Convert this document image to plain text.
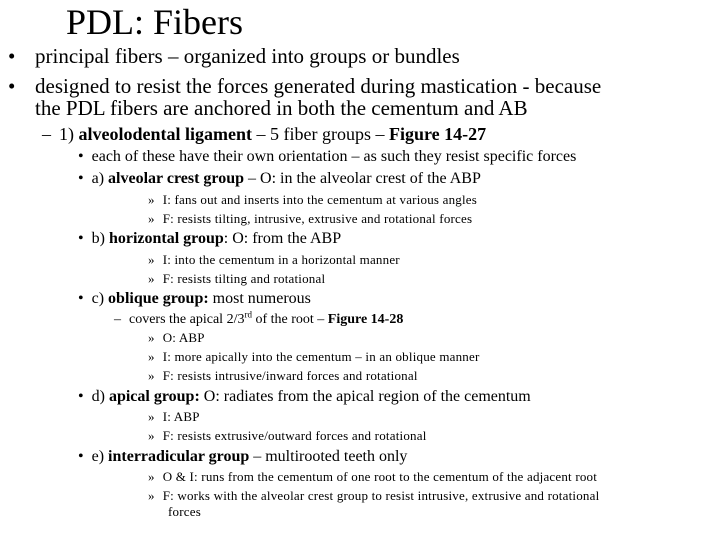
PDL: Fibers
• principal fibers – organized into groups or bundles
• designed to resist the forces generated during mastication - because
the PDL fibers are anchored in both the cementum and AB
– 1) alveolodental ligament – 5 fiber groups – Figure 14-27
• each of these have their own orientation – as such they resist specific forces
• a) alveolar crest group – O: in the alveolar crest of the ABP
» I: fans out and inserts into the cementum at various angles
» F: resists tilting, intrusive, extrusive and rotational forces
• b) horizontal group: O: from the ABP
» I: into the cementum in a horizontal manner
» F: resists tilting and rotational
• c) oblique group: most numerous
– covers the apical 2/3rd of the root – Figure 14-28
» O: ABP
» I: more apically into the cementum – in an oblique manner
» F: resists intrusive/inward forces and rotational
• d) apical group: O: radiates from the apical region of the cementum
» I: ABP
» F: resists extrusive/outward forces and rotational
• e) interradicular group – multirooted teeth only
» O & I: runs from the cementum of one root to the cementum of the adjacent root
» F: works with the alveolar crest group to resist intrusive, extrusive and rotational
forces
